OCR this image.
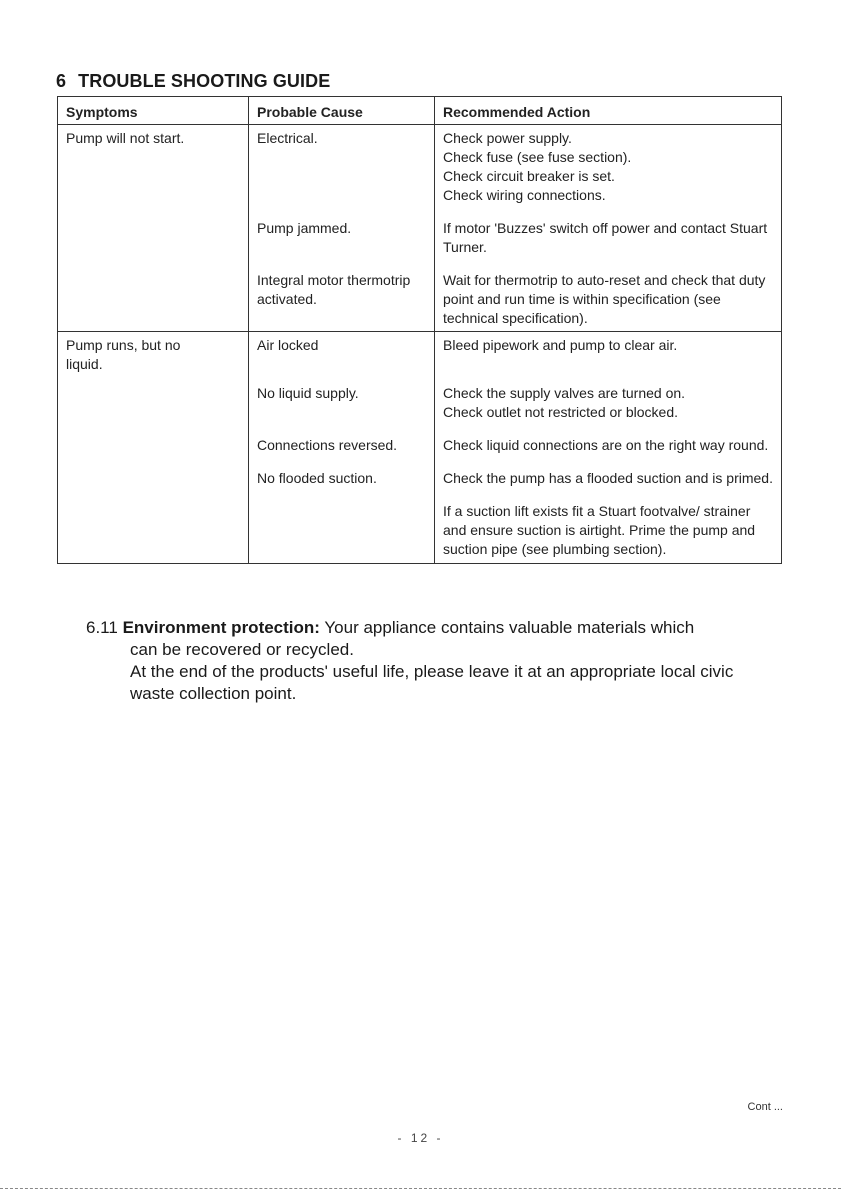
6 TROUBLE SHOOTING GUIDE
Symptoms	Probable Cause	Recommended Action
Pump will not start.	Electrical.	Check power supply.
Check fuse (see fuse section).
Check circuit breaker is set.
Check wiring connections.

	Pump jammed.	If motor 'Buzzes' switch off power and contact Stuart Turner.

	Integral motor thermotrip activated.	Wait for thermotrip to auto-reset and check that duty point and run time is within specification (see technical specification).

Pump runs, but no liquid.	Air locked	Bleed pipework and pump to clear air.

	No liquid supply.	Check the supply valves are turned on.
Check outlet not restricted or blocked.

	Connections reversed.	Check liquid connections are on the right way round.

	No flooded suction.	Check the pump has a flooded suction and is primed.

		If a suction lift exists fit a Stuart footvalve/ strainer and ensure suction is airtight. Prime the pump and suction pipe (see plumbing section).
6.11 Environment protection: Your appliance contains valuable materials which
can be recovered or recycled.
At the end of the products' useful life, please leave it at an appropriate local civic waste collection point.
Cont ...
- 12 -
